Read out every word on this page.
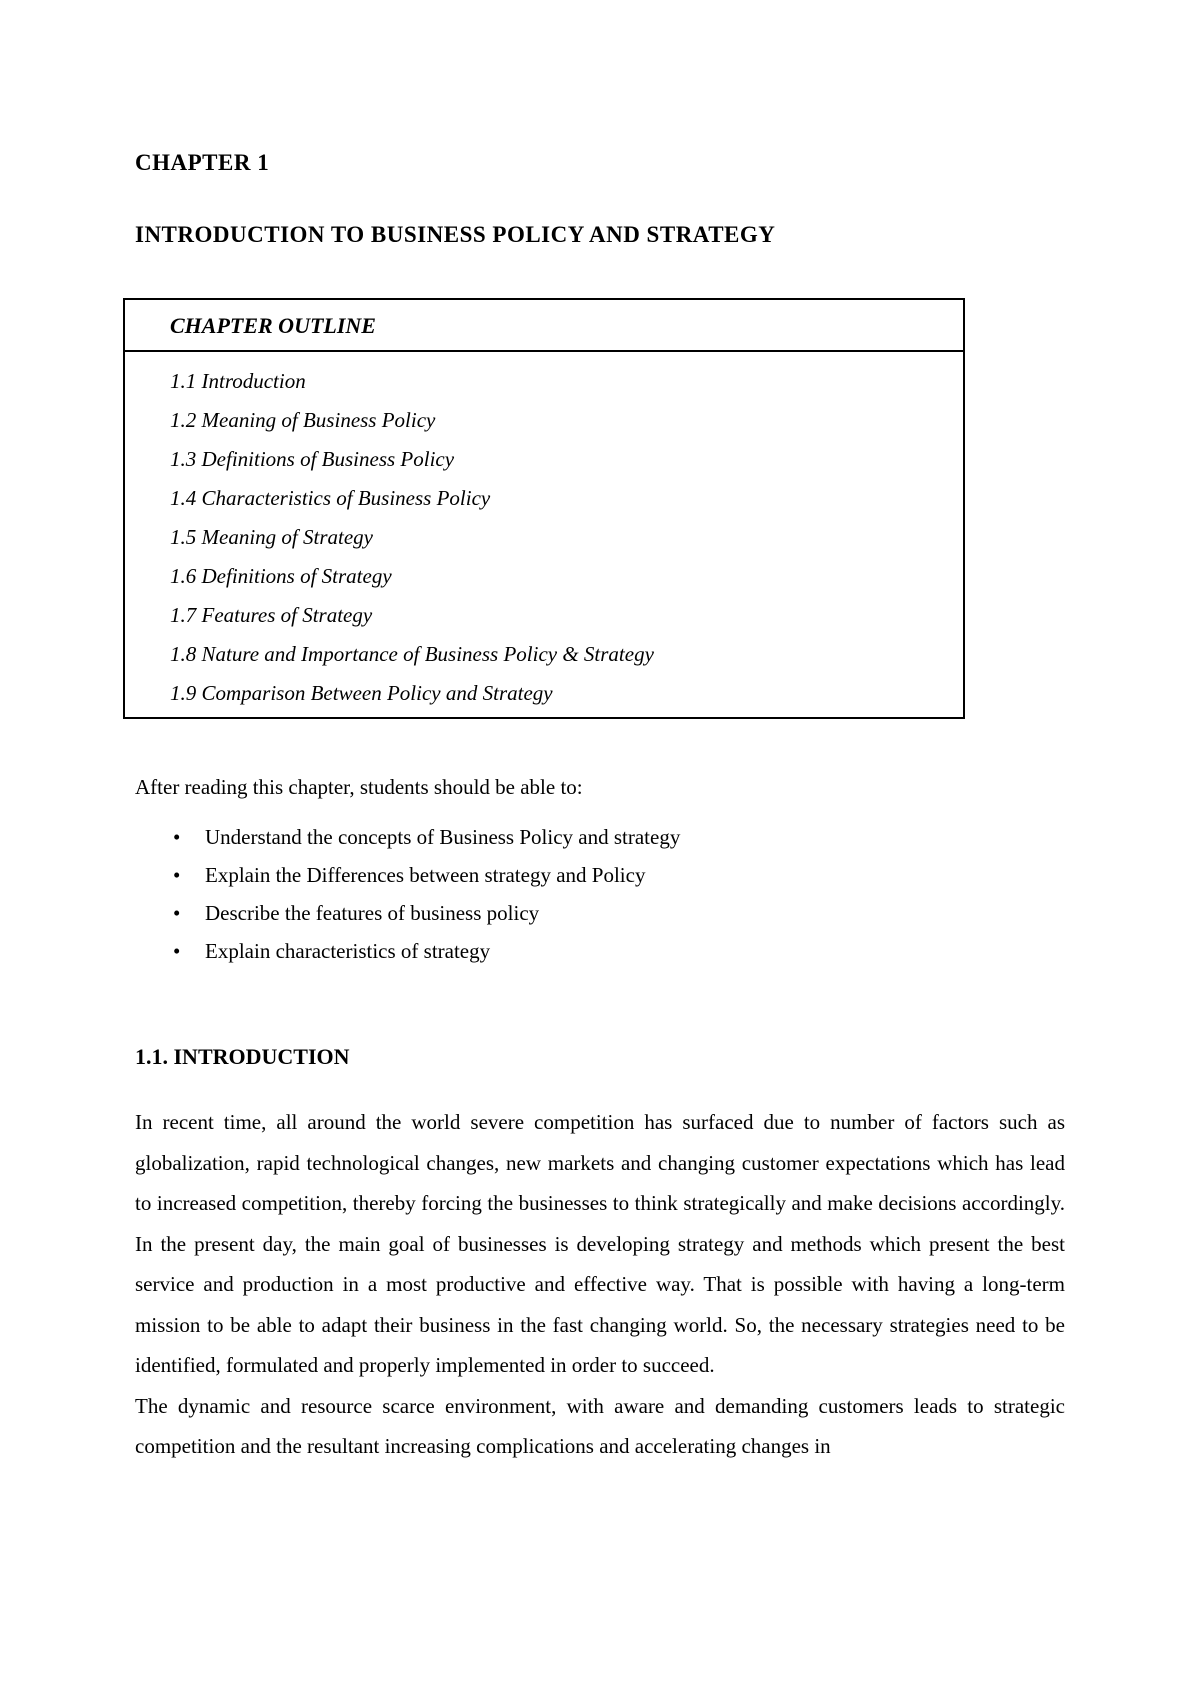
CHAPTER 1
INTRODUCTION TO BUSINESS POLICY AND STRATEGY
CHAPTER OUTLINE
1.1 Introduction
1.2 Meaning of Business Policy
1.3 Definitions of Business Policy
1.4 Characteristics of Business Policy
1.5 Meaning of Strategy
1.6 Definitions of Strategy
1.7 Features of Strategy
1.8 Nature and Importance of Business Policy & Strategy
1.9 Comparison Between Policy and Strategy

After reading this chapter, students should be able to:

• Understand the concepts of Business Policy and strategy
• Explain the Differences between strategy and Policy
• Describe the features of business policy
• Explain characteristics of strategy
1.1. INTRODUCTION

In recent time, all around the world severe competition has surfaced due to number of factors such as globalization, rapid technological changes, new markets and changing customer expectations which has lead to increased competition, thereby forcing the businesses to think strategically and make decisions accordingly. In the present day, the main goal of businesses is developing strategy and methods which present the best service and production in a most productive and effective way. That is possible with having a long-term mission to be able to adapt their business in the fast changing world. So, the necessary strategies need to be identified, formulated and properly implemented in order to succeed.

The dynamic and resource scarce environment, with aware and demanding customers leads to strategic competition and the resultant increasing complications and accelerating changes in
